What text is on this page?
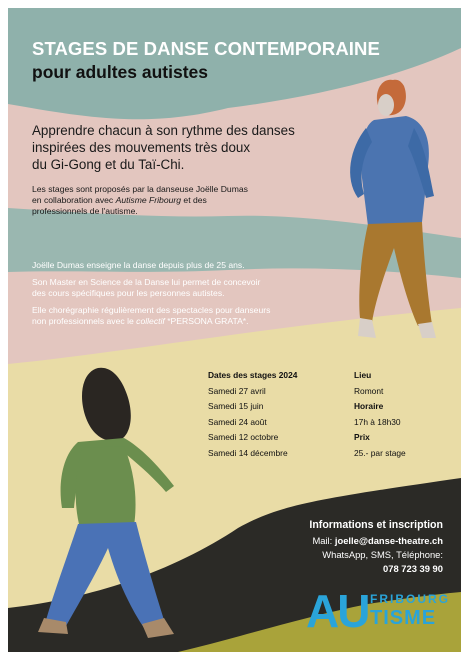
STAGES DE DANSE CONTEMPORAINE
pour adultes autistes
Apprendre chacun à son rythme des danses
inspirées des mouvements très doux
du Gi-Gong et du Taï-Chi.
Les stages sont proposés par la danseuse Joëlle Dumas
en collaboration avec Autisme Fribourg et des
professionnels de l'autisme.
Joëlle Dumas enseigne la danse depuis plus de 25 ans.
Son Master en Science de la Danse lui permet de concevoir
des cours spécifiques pour les personnes autistes.
Elle chorégraphie régulièrement des spectacles pour danseurs
non professionnels avec le collectif *PERSONA GRATA*.
Dates des stages 2024
Samedi 27 avril
Samedi 15 juin
Samedi 24 août
Samedi 12 octobre
Samedi 14 décembre
Lieu
Romont
Horaire
17h à 18h30
Prix
25.- par stage
Informations et inscription
Mail: joelle@danse-theatre.ch
WhatsApp, SMS, Téléphone:
078 723 39 90
AU FRIBOURG
TISME
